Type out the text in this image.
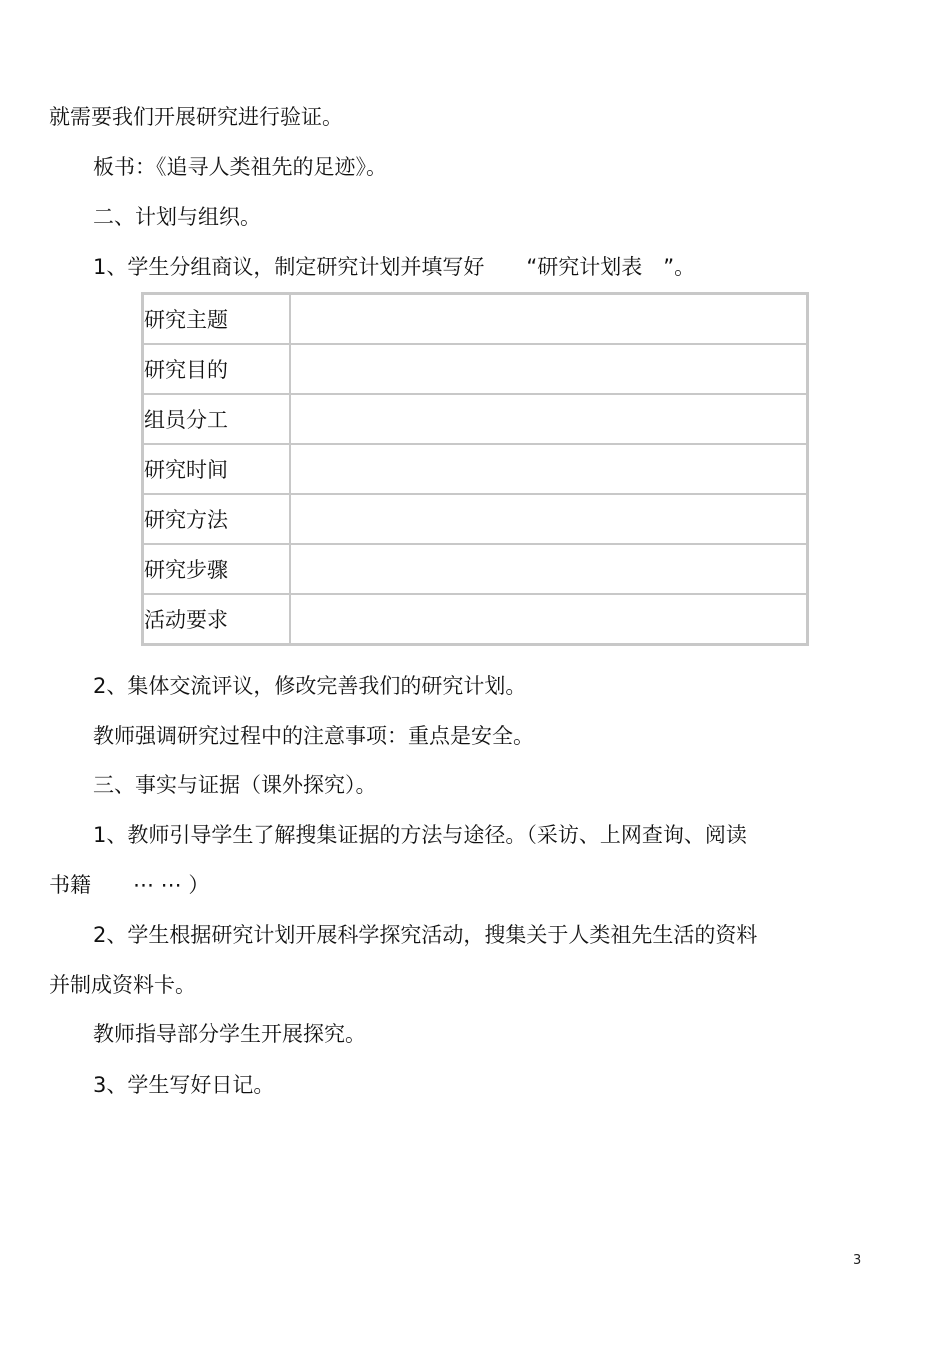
就需要我们开展研究进行验证。

板书：《追寻人类祖先的足迹》。

二、计划与组织。

1、学生分组商议，制定研究计划并填写好　　“研究计划表　”。

研究主题	
研究目的	
组员分工	
研究时间	
研究方法	
研究步骤	
活动要求	

2、集体交流评议，修改完善我们的研究计划。

教师强调研究过程中的注意事项：重点是安全。

三、事实与证据（课外探究）。

1、教师引导学生了解搜集证据的方法与途径。（采访、上网查询、阅读

书籍　　⋯ ⋯ ）

2、学生根据研究计划开展科学探究活动，搜集关于人类祖先生活的资料

并制成资料卡。

教师指导部分学生开展探究。

3、学生写好日记。

3
